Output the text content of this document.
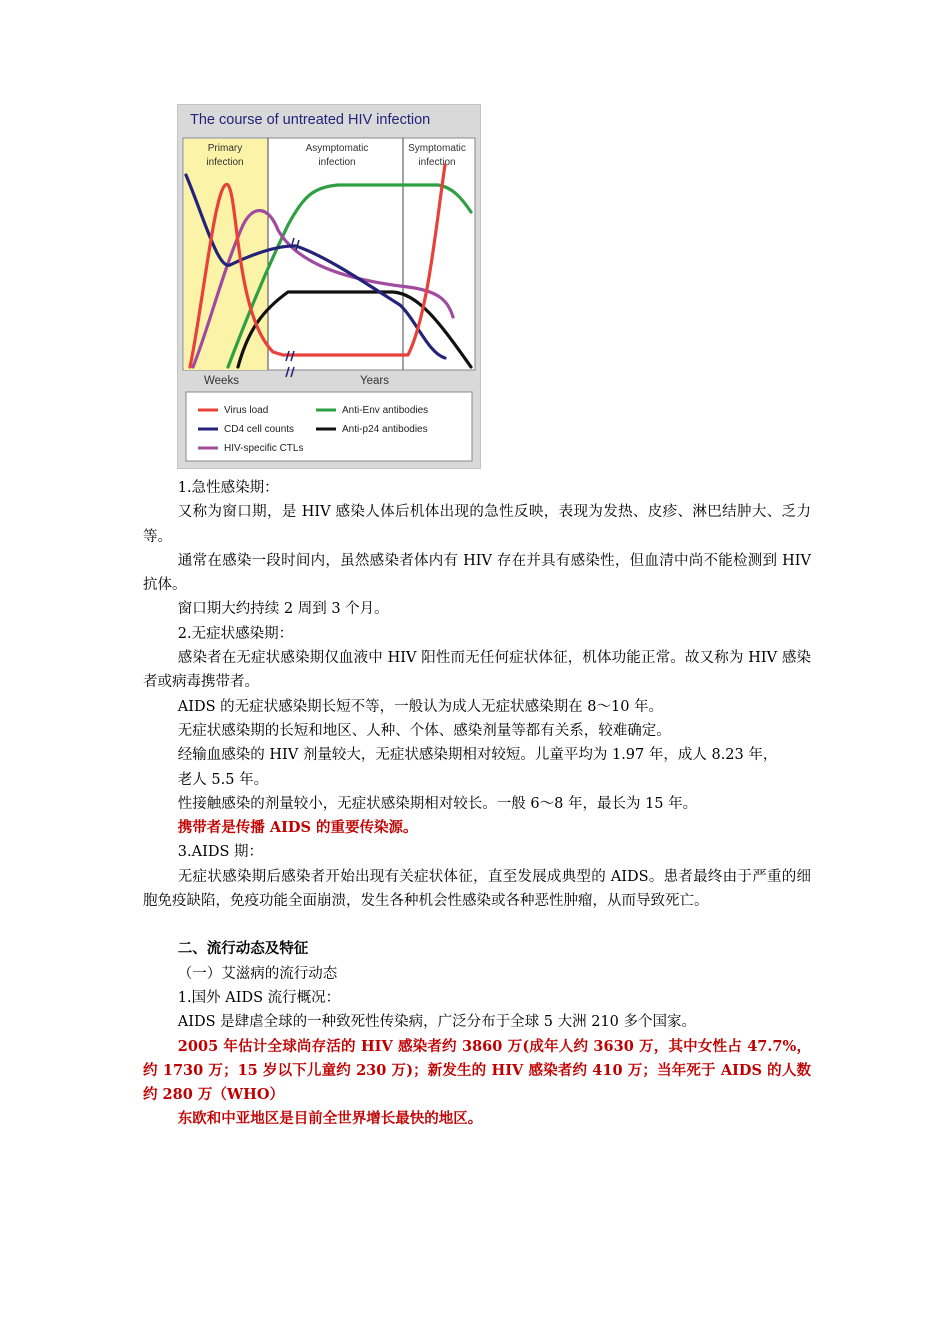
The course of untreated HIV infection
Primary
infection
Asymptomatic
infection
Symptomatic
infection
Weeks	Years
Virus load	Anti-Env antibodies
CD4 cell counts	Anti-p24 antibodies
HIV-specific CTLs

1.急性感染期：

又称为窗口期，是 HIV 感染人体后机体出现的急性反映，表现为发热、皮疹、淋巴结肿大、乏力等。

通常在感染一段时间内，虽然感染者体内有 HIV 存在并具有感染性，但血清中尚不能检测到 HIV 抗体。

窗口期大约持续 2 周到 3 个月。

2.无症状感染期：

感染者在无症状感染期仅血液中 HIV 阳性而无任何症状体征，机体功能正常。故又称为 HIV 感染者或病毒携带者。

AIDS 的无症状感染期长短不等，一般认为成人无症状感染期在 8～10 年。

无症状感染期的长短和地区、人种、个体、感染剂量等都有关系，较难确定。

经输血感染的 HIV 剂量较大，无症状感染期相对较短。儿童平均为 1.97 年，成人 8.23 年，

老人 5.5 年。

性接触感染的剂量较小，无症状感染期相对较长。一般 6～8 年，最长为 15 年。

携带者是传播 AIDS 的重要传染源。

3.AIDS 期：

无症状感染期后感染者开始出现有关症状体征，直至发展成典型的 AIDS。患者最终由于严重的细胞免疫缺陷，免疫功能全面崩溃，发生各种机会性感染或各种恶性肿瘤，从而导致死亡。

二、流行动态及特征

（一）艾滋病的流行动态

1.国外 AIDS 流行概况：

AIDS 是肆虐全球的一种致死性传染病，广泛分布于全球 5 大洲 210 多个国家。

2005 年估计全球尚存活的 HIV 感染者约 3860 万(成年人约 3630 万，其中女性占 47.7%，约 1730 万；15 岁以下儿童约 230 万)；新发生的 HIV 感染者约 410 万；当年死于 AIDS 的人数约 280 万（WHO）

东欧和中亚地区是目前全世界增长最快的地区。
